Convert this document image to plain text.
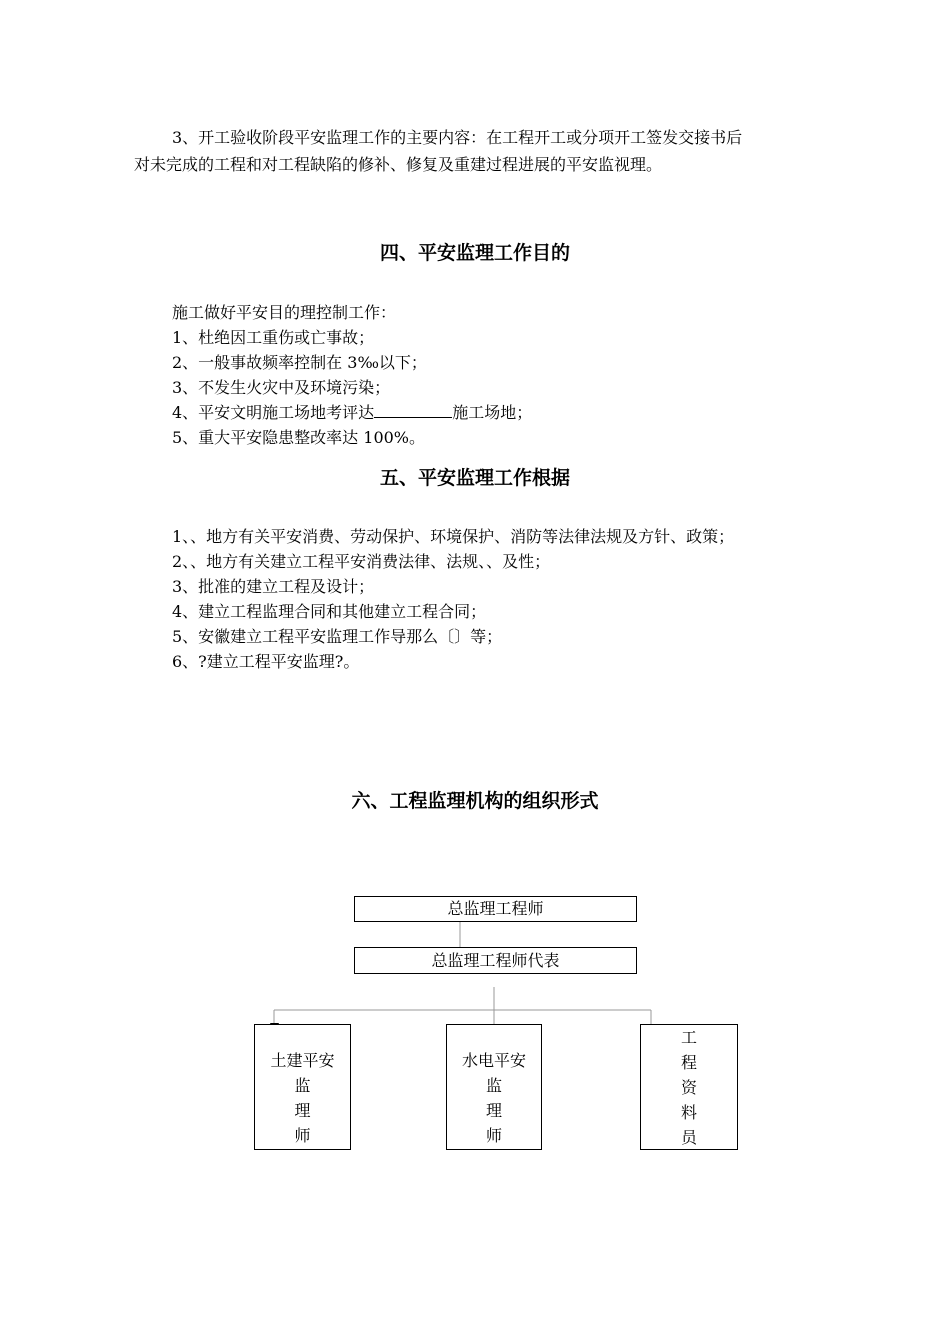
3、开工验收阶段平安监理工作的主要内容：在工程开工或分项开工签发交接书后
对未完成的工程和对工程缺陷的修补、修复及重建过程进展的平安监视理。
四、平安监理工作目的
施工做好平安目的理控制工作：
1、杜绝因工重伤或亡事故；
2、一般事故频率控制在 3‰以下；
3、不发生火灾中及环境污染；
4、平安文明施工场地考评达	施工场地；
5、重大平安隐患整改率达 100%。
五、平安监理工作根据
1、、地方有关平安消费、劳动保护、环境保护、消防等法律法规及方针、政策；
2、、地方有关建立工程平安消费法律、法规、、及性；
3、批准的建立工程及设计；
4、建立工程监理合同和其他建立工程合同；
5、安徽建立工程平安监理工作导那么〔〕等；
6、?建立工程平安监理?。
六、工程监理机构的组织形式
总监理工程师
总监理工程师代表
土建平安
监
理
师
水电平安
监
理
师
工
程
资
料
员
